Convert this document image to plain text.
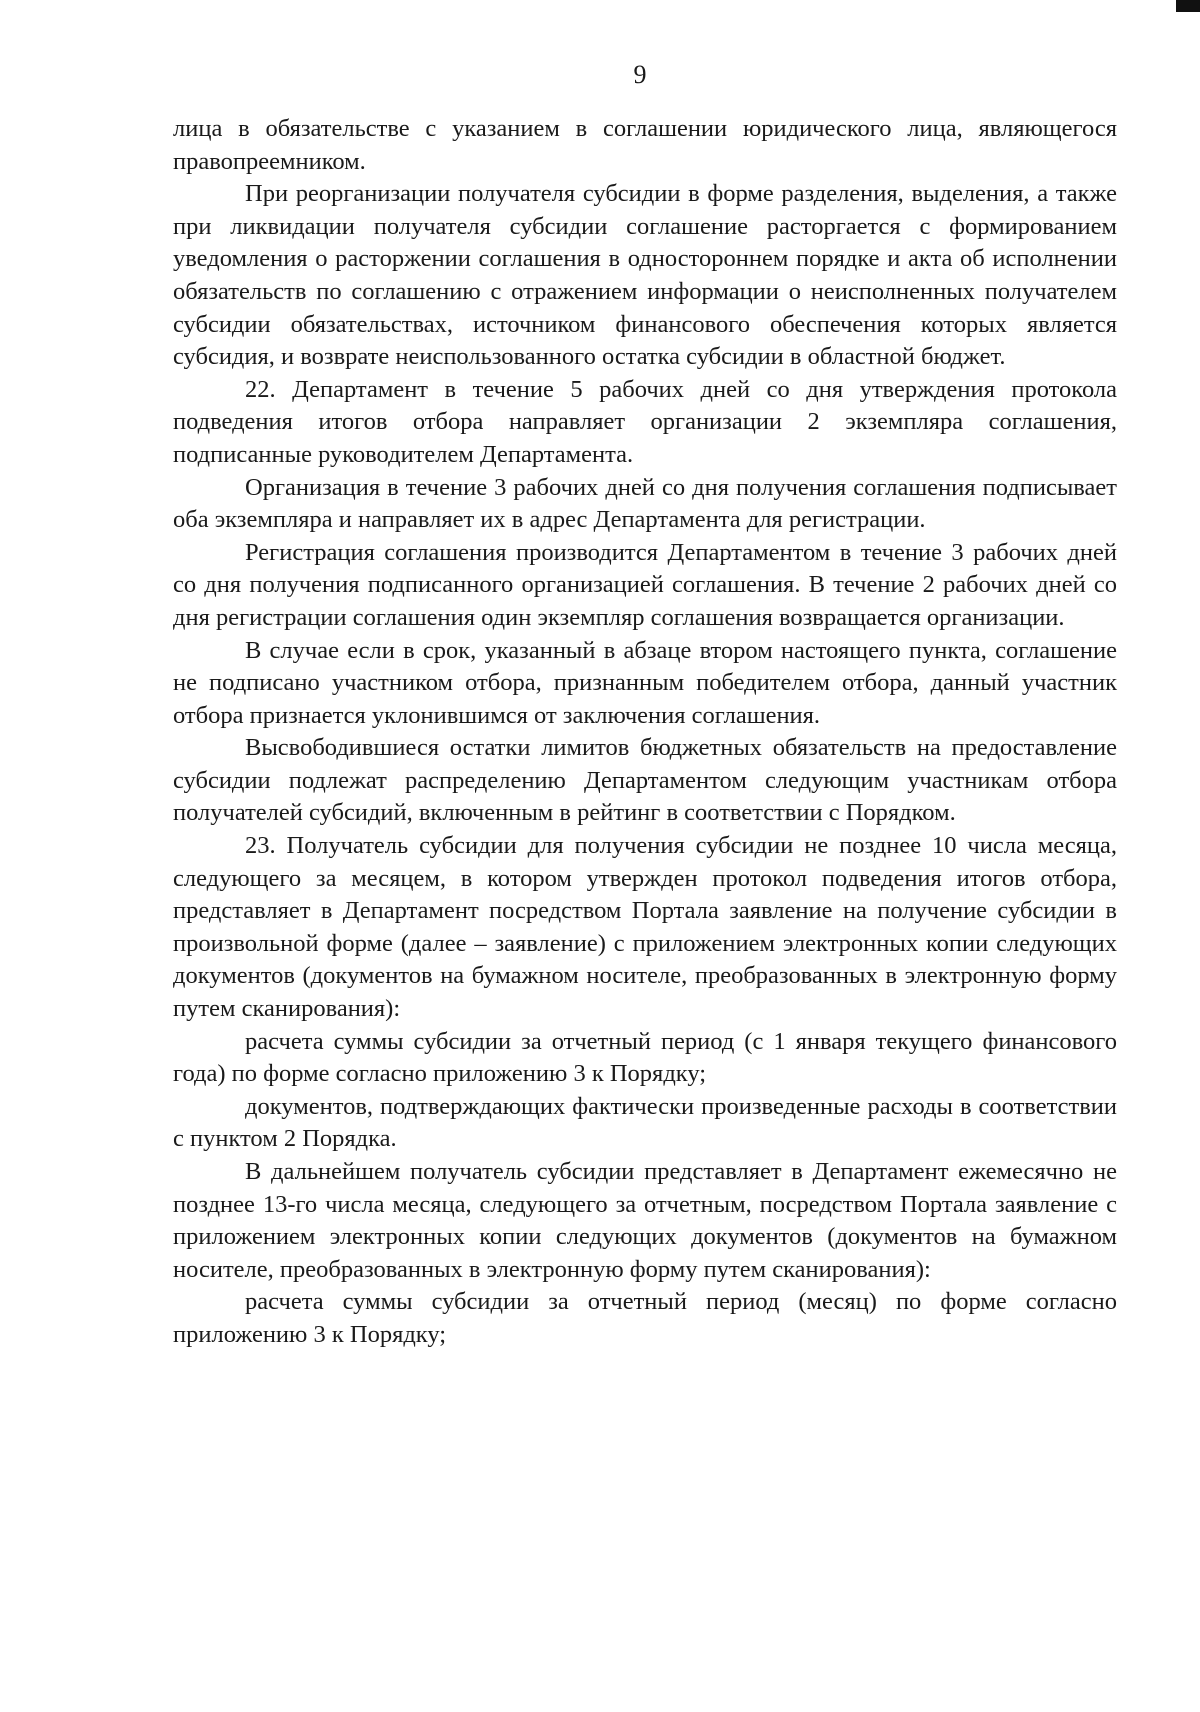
9

лица в обязательстве с указанием в соглашении юридического лица, являющегося правопреемником.

При реорганизации получателя субсидии в форме разделения, выделения, а также при ликвидации получателя субсидии соглашение расторгается с формированием уведомления о расторжении соглашения в одностороннем порядке и акта об исполнении обязательств по соглашению с отражением информации о неисполненных получателем субсидии обязательствах, источником финансового обеспечения которых является субсидия, и возврате неиспользованного остатка субсидии в областной бюджет.

22. Департамент в течение 5 рабочих дней со дня утверждения протокола подведения итогов отбора направляет организации 2 экземпляра соглашения, подписанные руководителем Департамента.

Организация в течение 3 рабочих дней со дня получения соглашения подписывает оба экземпляра и направляет их в адрес Департамента для регистрации.

Регистрация соглашения производится Департаментом в течение 3 рабочих дней со дня получения подписанного организацией соглашения. В течение 2 рабочих дней со дня регистрации соглашения один экземпляр соглашения возвращается организации.

В случае если в срок, указанный в абзаце втором настоящего пункта, соглашение не подписано участником отбора, признанным победителем отбора, данный участник отбора признается уклонившимся от заключения соглашения.

Высвободившиеся остатки лимитов бюджетных обязательств на предоставление субсидии подлежат распределению Департаментом следующим участникам отбора получателей субсидий, включенным в рейтинг в соответствии с Порядком.

23. Получатель субсидии для получения субсидии не позднее 10 числа месяца, следующего за месяцем, в котором утвержден протокол подведения итогов отбора, представляет в Департамент посредством Портала заявление на получение субсидии в произвольной форме (далее – заявление) с приложением электронных копии следующих документов (документов на бумажном носителе, преобразованных в электронную форму путем сканирования):

расчета суммы субсидии за отчетный период (с 1 января текущего финансового года) по форме согласно приложению 3 к Порядку;

документов, подтверждающих фактически произведенные расходы в соответствии с пунктом 2 Порядка.

В дальнейшем получатель субсидии представляет в Департамент ежемесячно не позднее 13-го числа месяца, следующего за отчетным, посредством Портала заявление с приложением электронных копии следующих документов (документов на бумажном носителе, преобразованных в электронную форму путем сканирования):

расчета суммы субсидии за отчетный период (месяц) по форме согласно приложению 3 к Порядку;
